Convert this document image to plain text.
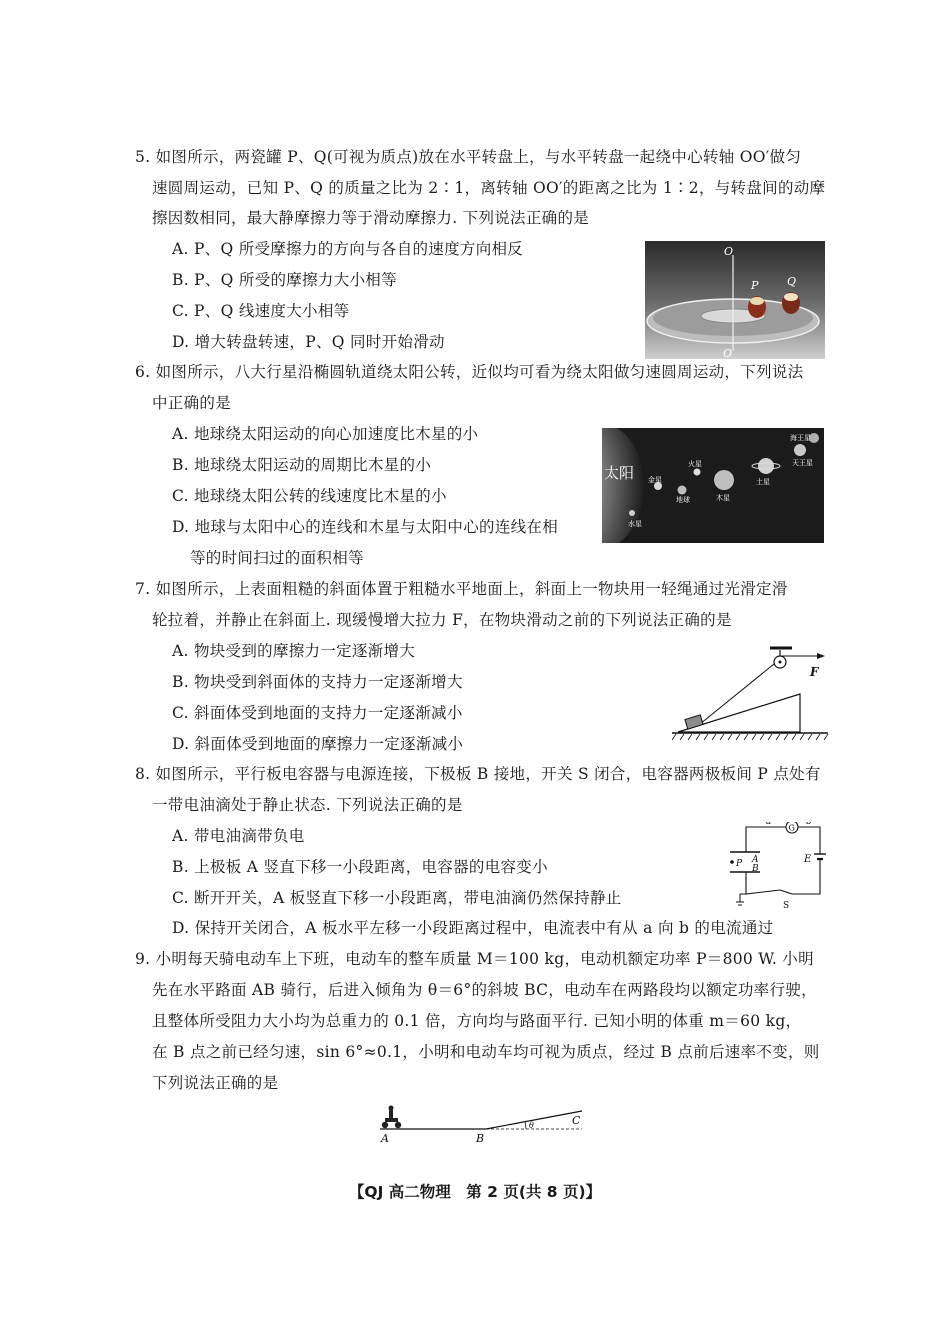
5. 如图所示，两瓷罐 P、Q(可视为质点)放在水平转盘上，与水平转盘一起绕中心转轴 OO′做匀
速圆周运动，已知 P、Q 的质量之比为 2∶1，离转轴 OO′的距离之比为 1∶2，与转盘间的动摩
擦因数相同，最大静摩擦力等于滑动摩擦力. 下列说法正确的是
A. P、Q 所受摩擦力的方向与各自的速度方向相反
B. P、Q 所受的摩擦力大小相等
C. P、Q 线速度大小相等
D. 增大转盘转速，P、Q 同时开始滑动
O
O′
P	Q
6. 如图所示，八大行星沿椭圆轨道绕太阳公转，近似均可看为绕太阳做匀速圆周运动，下列说法
中正确的是
A. 地球绕太阳运动的向心加速度比木星的小
B. 地球绕太阳运动的周期比木星的小
C. 地球绕太阳公转的线速度比木星的小
D. 地球与太阳中心的连线和木星与太阳中心的连线在相
等的时间扫过的面积相等
太阳
水星
金星
地球
火星
木星
土星
天王星
海王星
7. 如图所示，上表面粗糙的斜面体置于粗糙水平地面上，斜面上一物块用一轻绳通过光滑定滑
轮拉着，并静止在斜面上. 现缓慢增大拉力 F，在物块滑动之前的下列说法正确的是
A. 物块受到的摩擦力一定逐渐增大
B. 物块受到斜面体的支持力一定逐渐增大
C. 斜面体受到地面的支持力一定逐渐减小
D. 斜面体受到地面的摩擦力一定逐渐减小
F
8. 如图所示，平行板电容器与电源连接，下极板 B 接地，开关 S 闭合，电容器两极板间 P 点处有
一带电油滴处于静止状态. 下列说法正确的是
A. 带电油滴带负电
B. 上极板 A 竖直下移一小段距离，电容器的电容变小
C. 断开开关，A 板竖直下移一小段距离，带电油滴仍然保持静止
D. 保持开关闭合，A 板水平左移一小段距离过程中，电流表中有从 a 向 b 的电流通过
G
a	b
P A
B
E
S
9. 小明每天骑电动车上下班，电动车的整车质量 M＝100 kg，电动机额定功率 P＝800 W. 小明
先在水平路面 AB 骑行，后进入倾角为 θ＝6°的斜坡 BC，电动车在两路段均以额定功率行驶，
且整体所受阻力大小均为总重力的 0.1 倍，方向均与路面平行. 已知小明的体重 m＝60 kg，
在 B 点之前已经匀速，sin 6°≈0.1，小明和电动车均可视为质点，经过 B 点前后速率不变，则
下列说法正确的是
A	B
C
θ
【QJ 高二物理　第 2 页(共 8 页)】
